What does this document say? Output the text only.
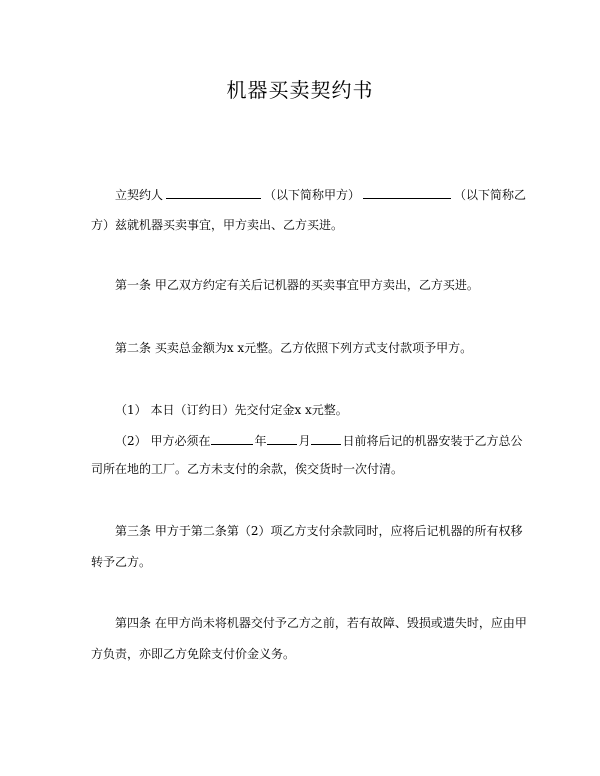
机器买卖契约书
立契约人	（以下简称甲方）	（以下简称乙
方）兹就机器买卖事宜，甲方卖出、乙方买进。
第一条 甲乙双方约定有关后记机器的买卖事宜甲方卖出，乙方买进。
第二条 买卖总金额为x x元整。乙方依照下列方式支付款项予甲方。
（1） 本日（订约日）先交付定金x x元整。
（2） 甲方必须在	年	月	日前将后记的机器安装于乙方总公
司所在地的工厂。乙方未支付的余款，俟交货时一次付清。
第三条 甲方于第二条第（2）项乙方支付余款同时，应将后记机器的所有权移
转予乙方。
第四条 在甲方尚未将机器交付予乙方之前，若有故障、毁损或遗失时，应由甲
方负责，亦即乙方免除支付价金义务。
